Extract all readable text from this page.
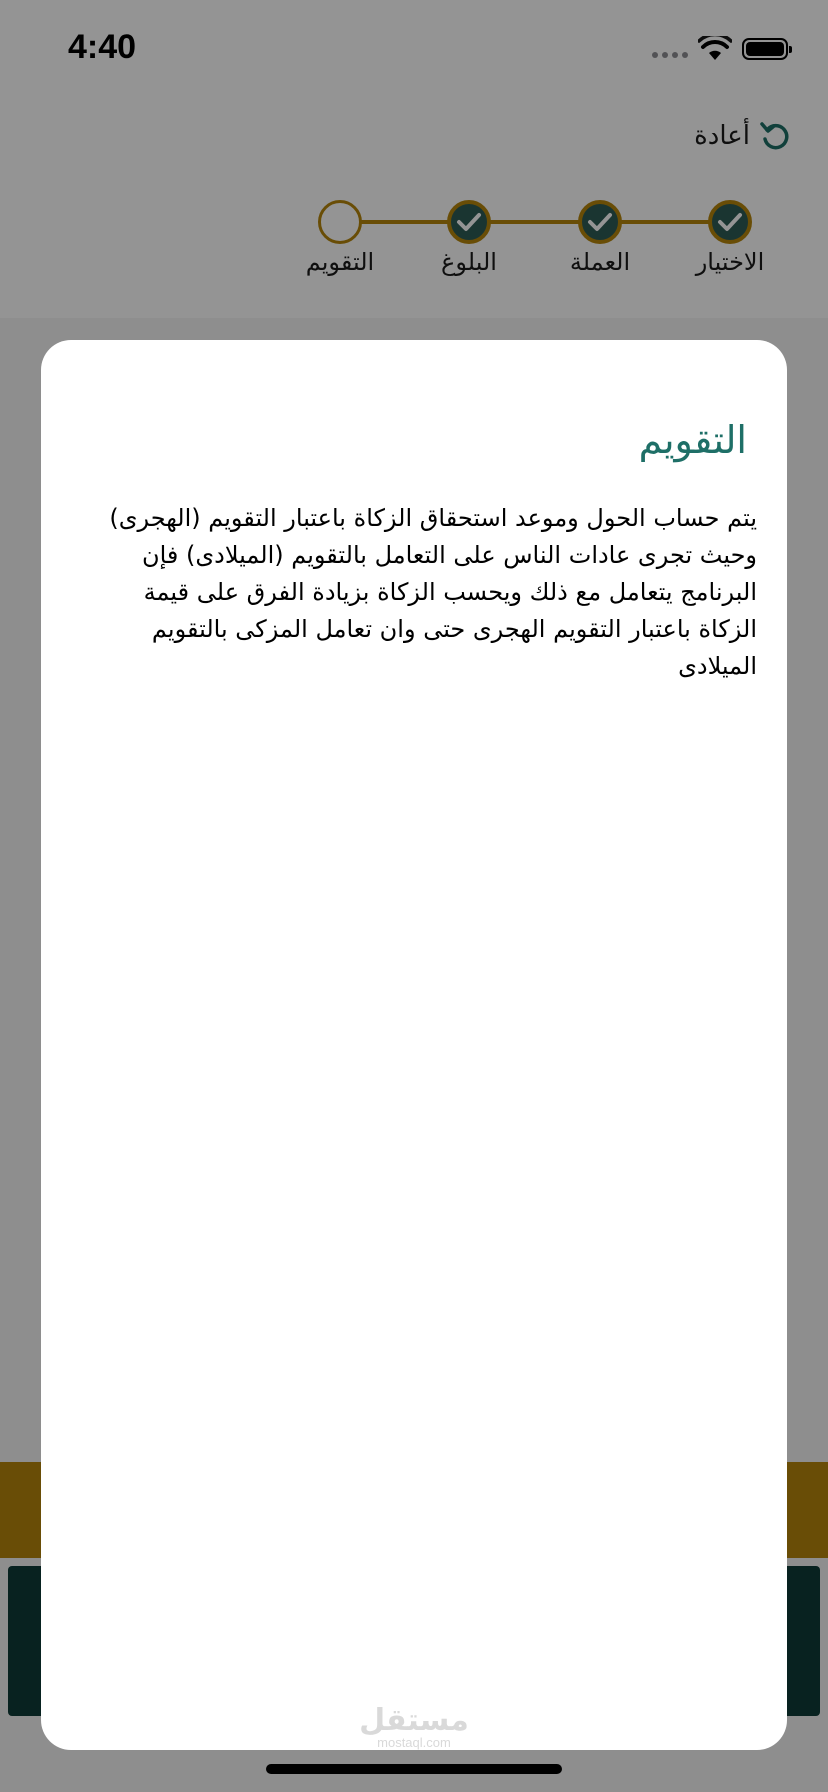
4:40
أعادة
الاختيار
العملة
البلوغ
التقويم
التقويم
يتم حساب الحول وموعد استحقاق الزكاة باعتبار التقويم (الهجرى) وحيث تجرى عادات الناس على التعامل بالتقويم (الميلادى) فإن البرنامج يتعامل مع ذلك ويحسب الزكاة بزيادة الفرق على قيمة الزكاة باعتبار التقويم الهجرى حتى وان تعامل المزكى بالتقويم الميلادى
مستقل
mostaql.com
